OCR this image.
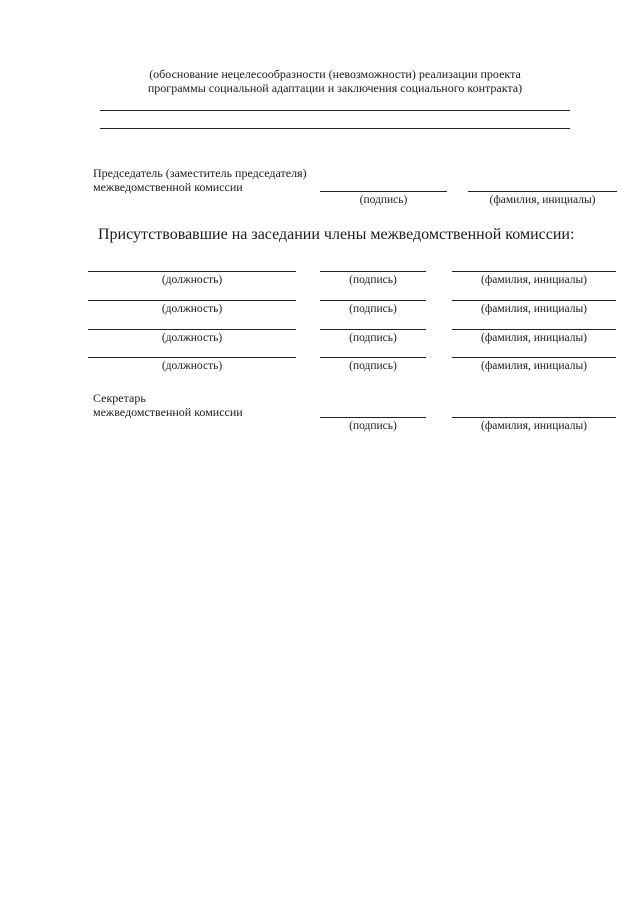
(обоснование нецелесообразности (невозможности) реализации проекта
программы социальной адаптации и заключения социального контракта)
Председатель (заместитель председателя)
межведомственной комиссии
(подпись)	(фамилия, инициалы)
Присутствовавшие на заседании члены межведомственной комиссии:
(должность)	(подпись)	(фамилия, инициалы)
(должность)	(подпись)	(фамилия, инициалы)
(должность)	(подпись)	(фамилия, инициалы)
(должность)	(подпись)	(фамилия, инициалы)
Секретарь
межведомственной комиссии
(подпись)	(фамилия, инициалы)
